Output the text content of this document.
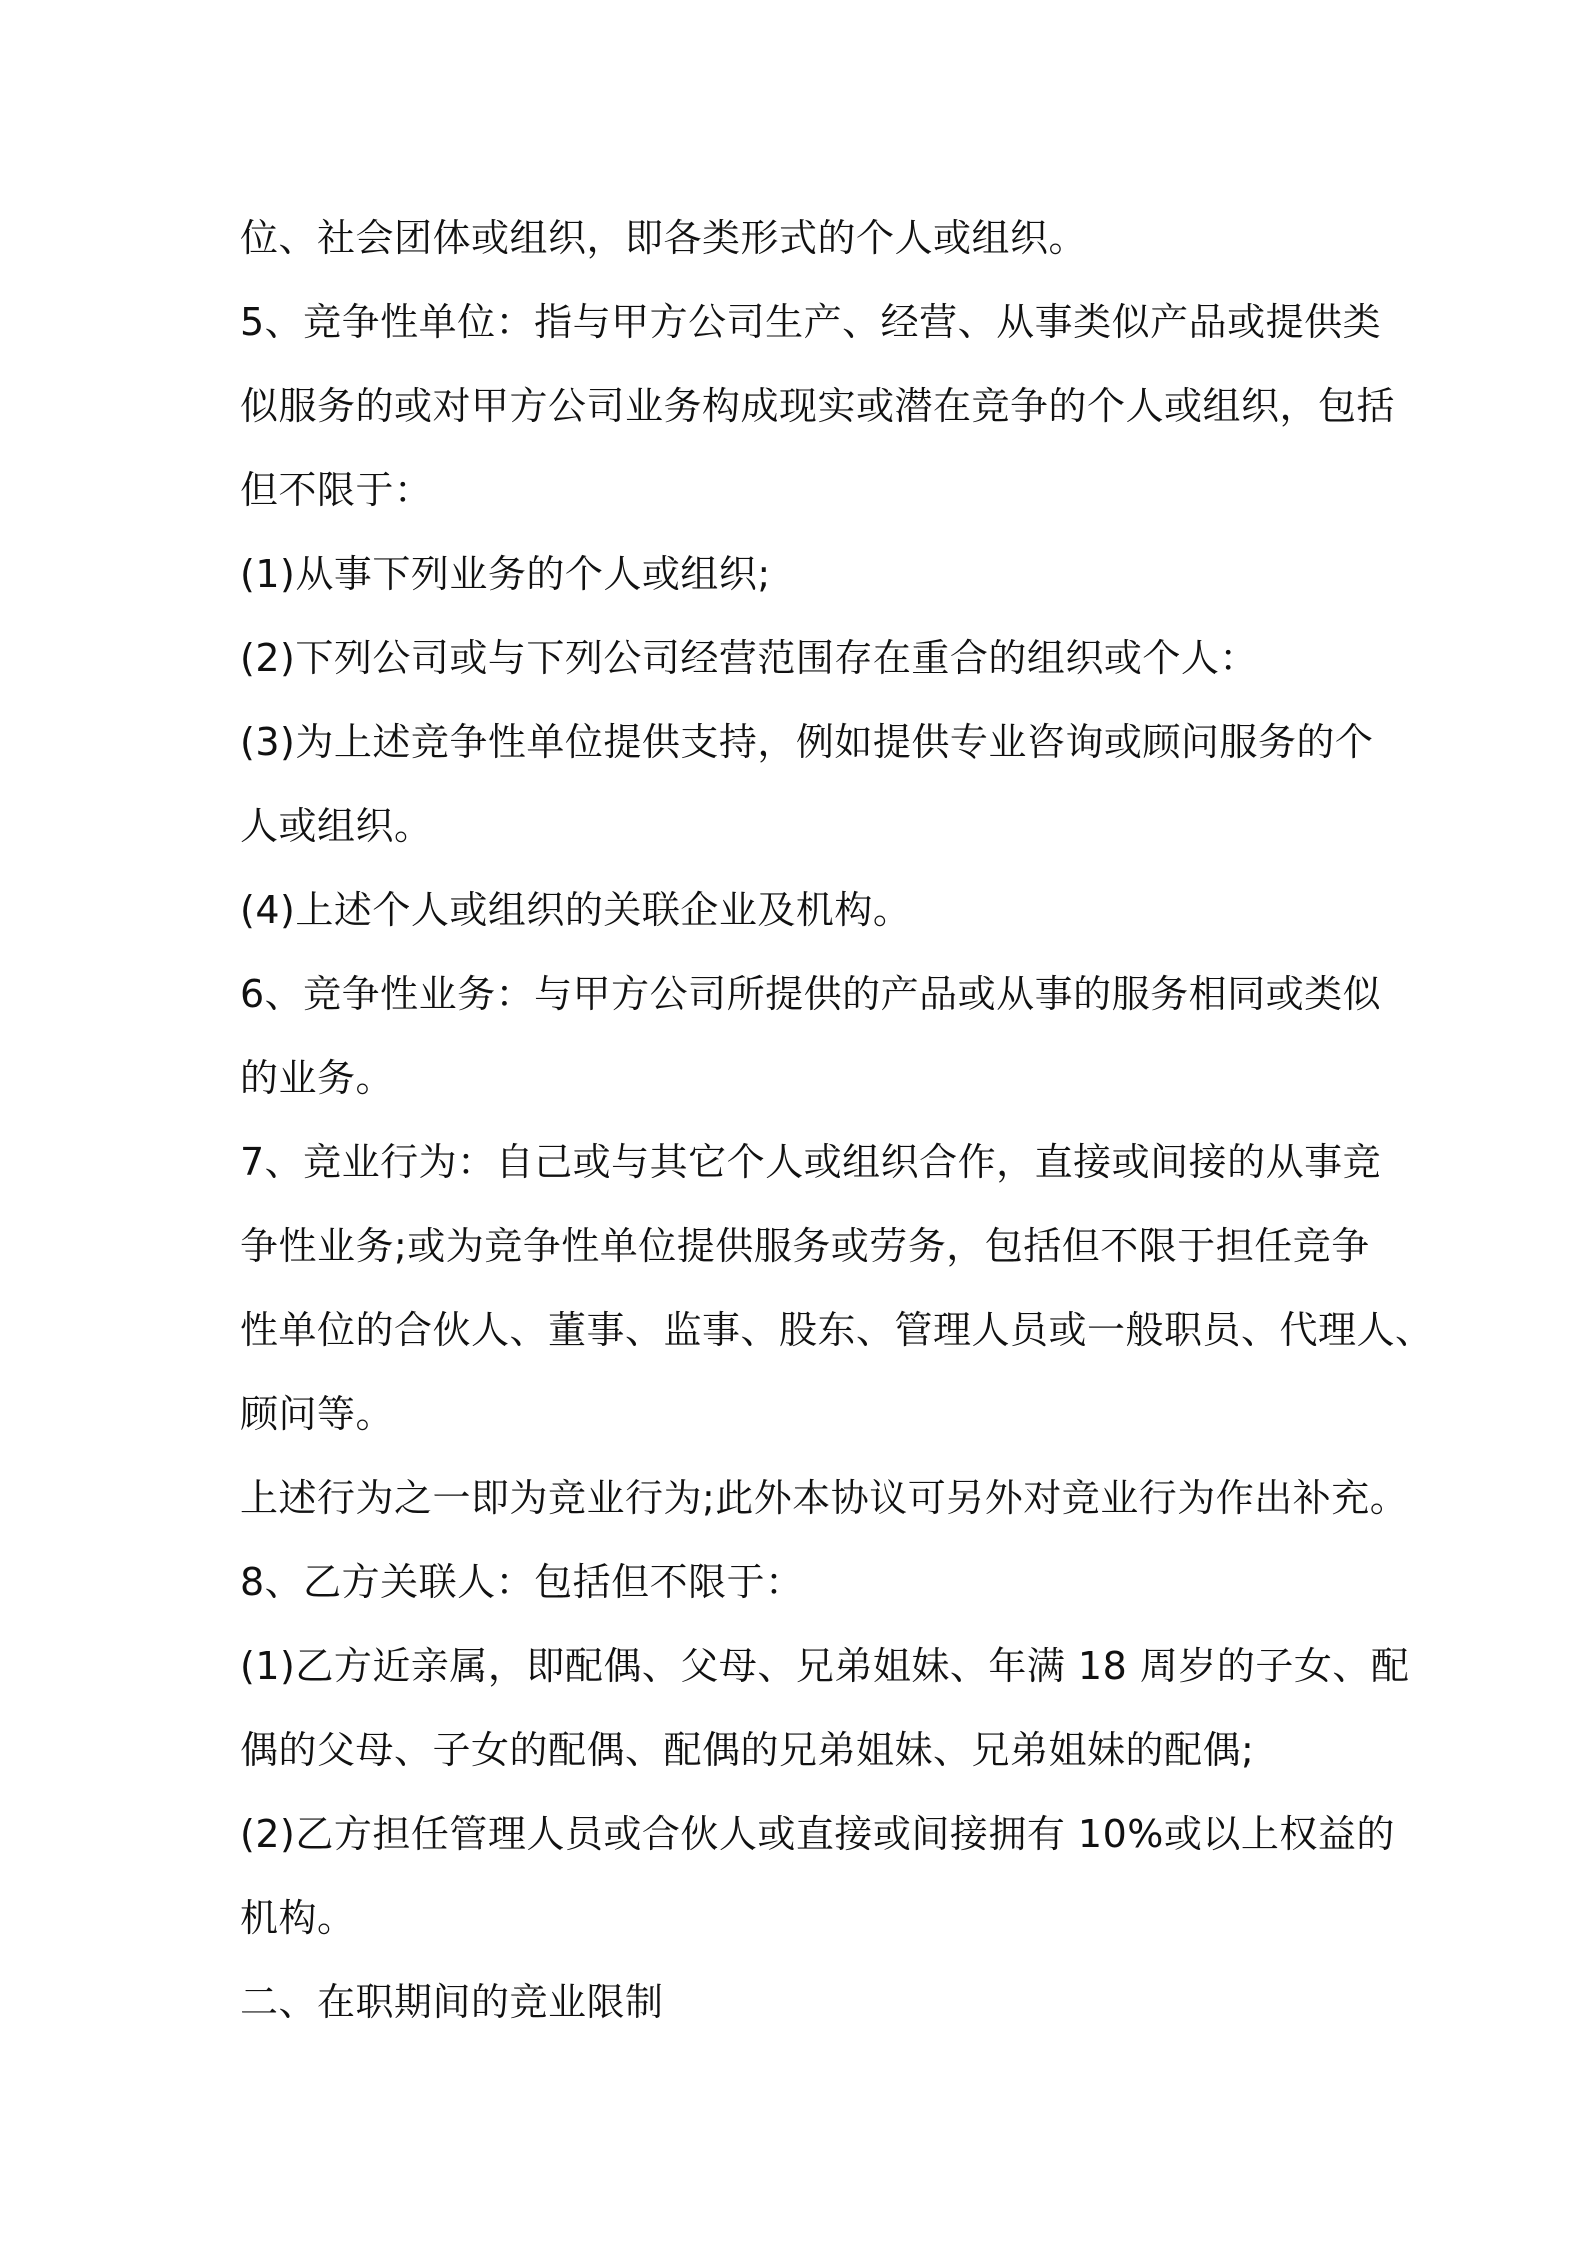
位、社会团体或组织，即各类形式的个人或组织。
5、竞争性单位：指与甲方公司生产、经营、从事类似产品或提供类
似服务的或对甲方公司业务构成现实或潜在竞争的个人或组织，包括
但不限于：
(1)从事下列业务的个人或组织;
(2)下列公司或与下列公司经营范围存在重合的组织或个人：
(3)为上述竞争性单位提供支持，例如提供专业咨询或顾问服务的个
人或组织。
(4)上述个人或组织的关联企业及机构。
6、竞争性业务：与甲方公司所提供的产品或从事的服务相同或类似
的业务。
7、竞业行为：自己或与其它个人或组织合作，直接或间接的从事竞
争性业务;或为竞争性单位提供服务或劳务，包括但不限于担任竞争
性单位的合伙人、董事、监事、股东、管理人员或一般职员、代理人、
顾问等。
上述行为之一即为竞业行为;此外本协议可另外对竞业行为作出补充。
8、乙方关联人：包括但不限于：
(1)乙方近亲属，即配偶、父母、兄弟姐妹、年满 18 周岁的子女、配
偶的父母、子女的配偶、配偶的兄弟姐妹、兄弟姐妹的配偶;
(2)乙方担任管理人员或合伙人或直接或间接拥有 10%或以上权益的
机构。
二、在职期间的竞业限制
